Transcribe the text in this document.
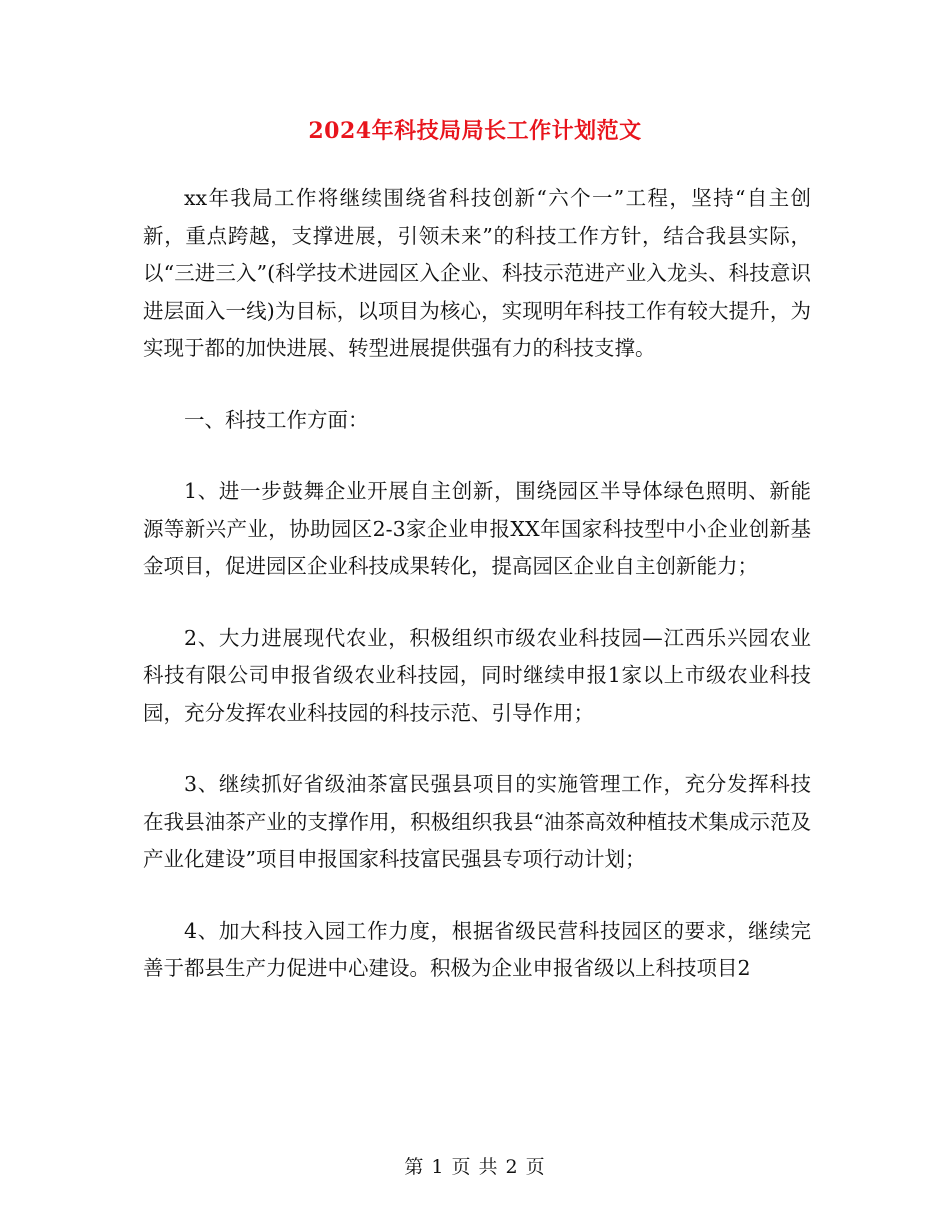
2024年科技局局长工作计划范文

xx年我局工作将继续围绕省科技创新“六个一”工程，坚持“自主创新，重点跨越，支撑进展，引领未来”的科技工作方针，结合我县实际，以“三进三入”(科学技术进园区入企业、科技示范进产业入龙头、科技意识进层面入一线)为目标，以项目为核心，实现明年科技工作有较大提升，为实现于都的加快进展、转型进展提供强有力的科技支撑。

一、科技工作方面：

1、进一步鼓舞企业开展自主创新，围绕园区半导体绿色照明、新能源等新兴产业，协助园区2-3家企业申报XX年国家科技型中小企业创新基金项目，促进园区企业科技成果转化，提高园区企业自主创新能力；

2、大力进展现代农业，积极组织市级农业科技园—江西乐兴园农业科技有限公司申报省级农业科技园，同时继续申报1家以上市级农业科技园，充分发挥农业科技园的科技示范、引导作用；

3、继续抓好省级油茶富民强县项目的实施管理工作，充分发挥科技在我县油茶产业的支撑作用，积极组织我县“油茶高效种植技术集成示范及产业化建设”项目申报国家科技富民强县专项行动计划；

4、加大科技入园工作力度，根据省级民营科技园区的要求，继续完善于都县生产力促进中心建设。积极为企业申报省级以上科技项目2

第 1 页 共 2 页
